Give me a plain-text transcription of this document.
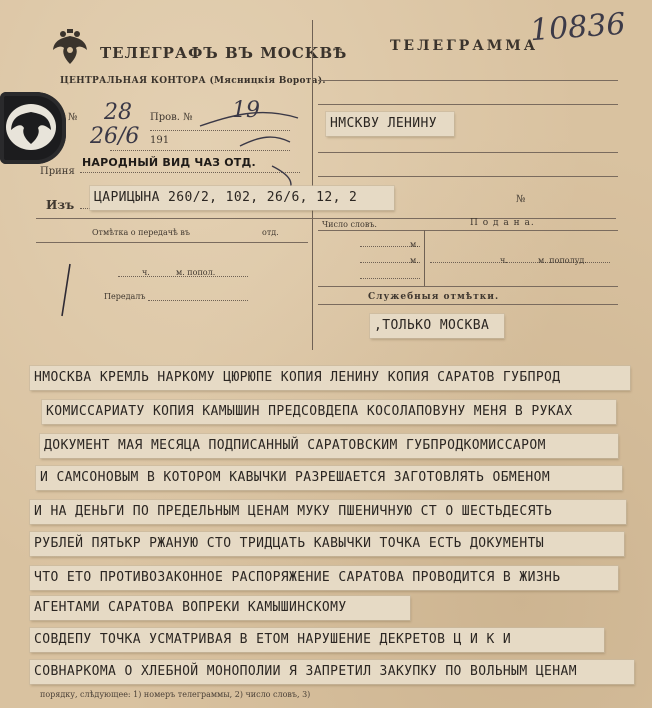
ТЕЛЕГРАФЪ ВЪ МОСКВѢ
ЦЕНТРАЛЬНАЯ КОНТОРА (Мясницкiя Ворота).
ТЕЛЕГРАММА
10836
№	Пров. №
191
Приня
Изъ
Отмѣтка о передачѣ въ	отд.
ч.	м. попол.
Передалъ
Число словъ.	П о д а н а.
м.
м.	ч.	м. пополуд.
Служебныя отмѣтки.
№
28
26/6
19
НАРОДНЫЙ ВИД ЧАЗ ОТД.
НМСКВУ ЛЕНИНУ
ЦАРИЦЫНА 260/2, 102, 26/6, 12, 2
,ТОЛЬКО МОСКВА
НМОСКВА КРЕМЛЬ НАРКОМУ ЦЮРЮПЕ КОПИЯ ЛЕНИНУ КОПИЯ САРАТОВ ГУБПРОД
КОМИССАРИАТУ КОПИЯ КАМЫШИН ПРЕДСОВДЕПА КОСОЛАПОВУНУ МЕНЯ В РУКАХ
ДОКУМЕНТ МАЯ МЕСЯЦА ПОДПИСАННЫЙ САРАТОВСКИМ ГУБПРОДКОМИССАРОМ
И САМСОНОВЫМ В КОТОРОМ КАВЫЧКИ РАЗРЕШАЕТСЯ ЗАГОТОВЛЯТЬ ОБМЕНОМ
И НА ДЕНЬГИ ПО ПРЕДЕЛЬНЫМ ЦЕНАМ МУКУ ПШЕНИЧНУЮ СТ О ШЕСТЬДЕСЯТЬ
РУБЛЕЙ ПЯТЬКР РЖАНУЮ СТО ТРИДЦАТЬ КАВЫЧКИ ТОЧКА ЕСТЬ ДОКУМЕНТЫ
ЧТО ЕТО ПРОТИВОЗАКОННОЕ РАСПОРЯЖЕНИЕ САРАТОВА ПРОВОДИТСЯ В ЖИЗНЬ
АГЕНТАМИ САРАТОВА ВОПРЕКИ КАМЫШИНСКОМУ
СОВДЕПУ ТОЧКА УСМАТРИВАЯ В ЕТОМ НАРУШЕНИЕ ДЕКРЕТОВ Ц И К И
СОВНАРКОМА О ХЛЕБНОЙ МОНОПОЛИИ Я ЗАПРЕТИЛ ЗАКУПКУ ПО ВОЛЬНЫМ ЦЕНАМ
порядку, слѣдующее: 1) номеръ телеграммы, 2) число словъ, 3)
